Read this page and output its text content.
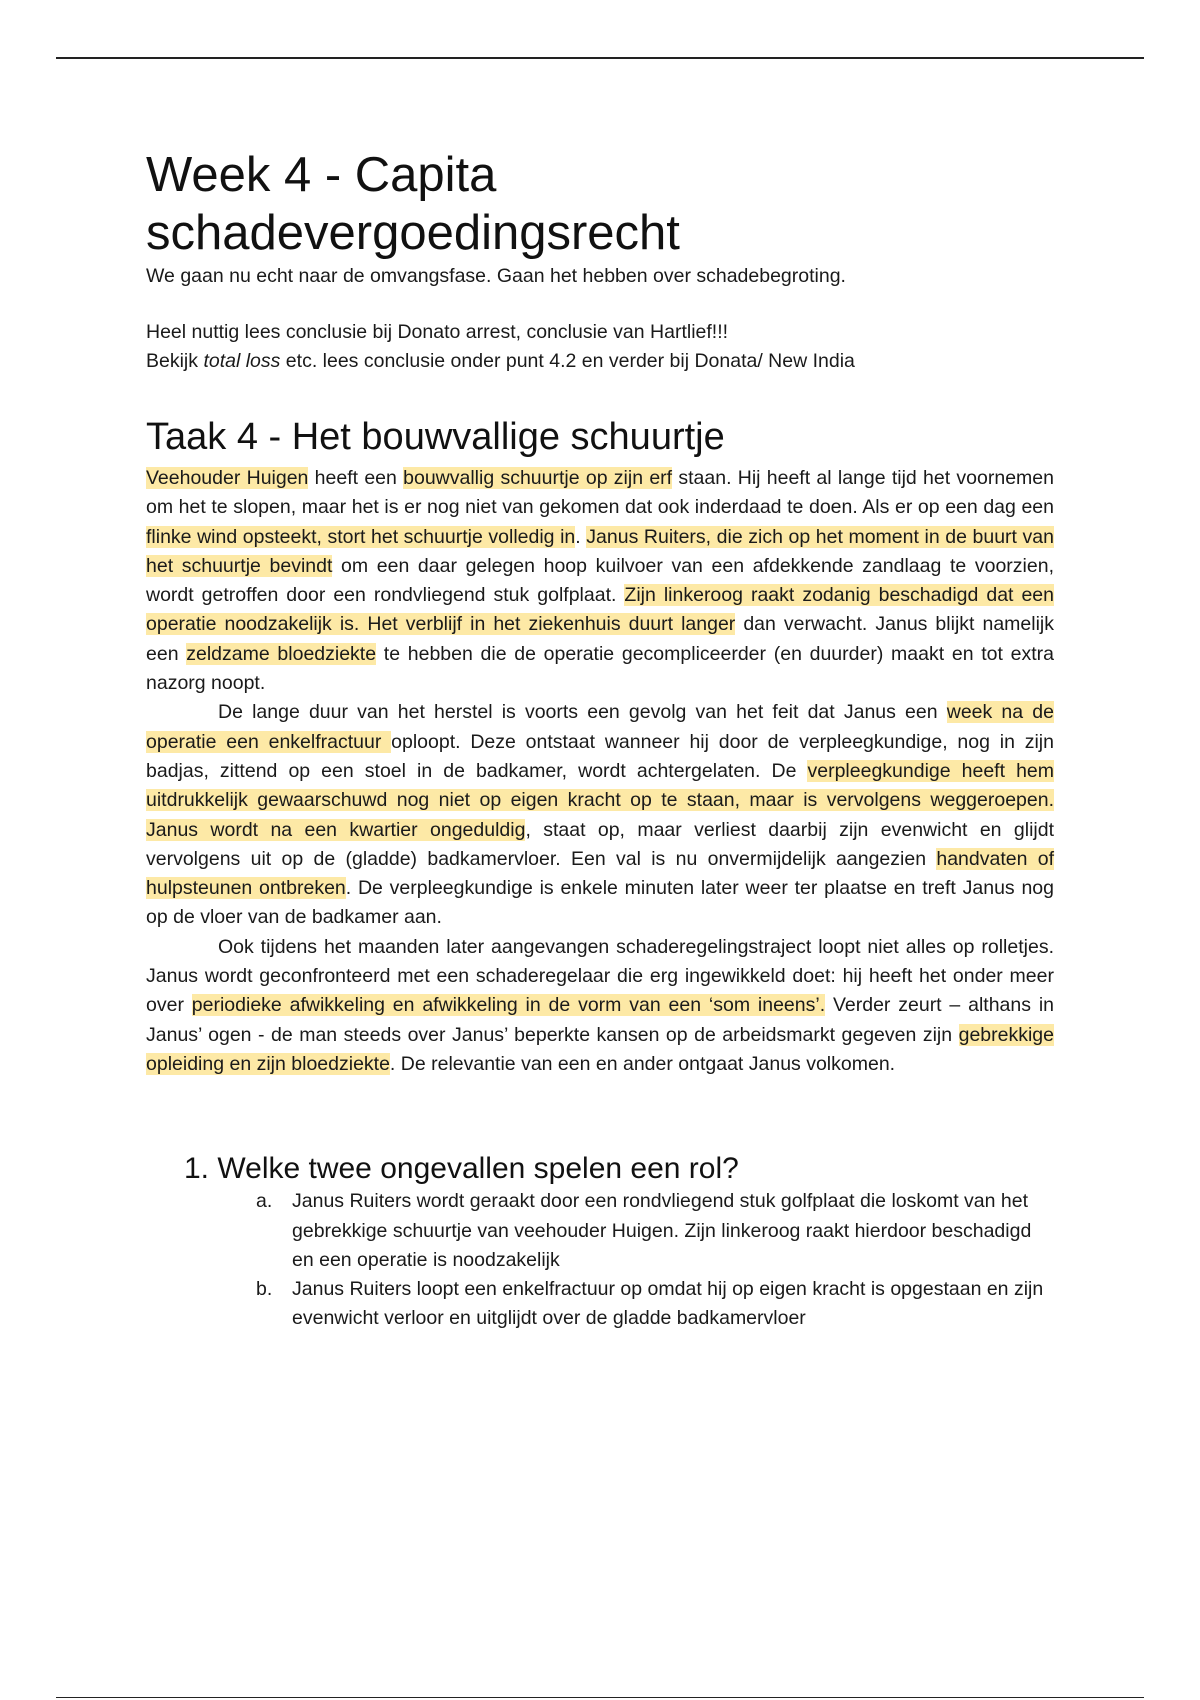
Week 4 - Capita
schadevergoedingsrecht

We gaan nu echt naar de omvangsfase. Gaan het hebben over schadebegroting.

Heel nuttig lees conclusie bij Donato arrest, conclusie van Hartlief!!!

Bekijk total loss etc. lees conclusie onder punt 4.2 en verder bij Donata/ New India

Taak 4 - Het bouwvallige schuurtje

Veehouder Huigen heeft een bouwvallig schuurtje op zijn erf staan. Hij heeft al lange tijd het voornemen om het te slopen, maar het is er nog niet van gekomen dat ook inderdaad te doen. Als er op een dag een flinke wind opsteekt, stort het schuurtje volledig in. Janus Ruiters, die zich op het moment in de buurt van het schuurtje bevindt om een daar gelegen hoop kuilvoer van een afdekkende zandlaag te voorzien, wordt getroffen door een rondvliegend stuk golfplaat. Zijn linkeroog raakt zodanig beschadigd dat een operatie noodzakelijk is. Het verblijf in het ziekenhuis duurt langer dan verwacht. Janus blijkt namelijk een zeldzame bloedziekte te hebben die de operatie gecompliceerder (en duurder) maakt en tot extra nazorg noopt.

De lange duur van het herstel is voorts een gevolg van het feit dat Janus een week na de operatie een enkelfractuur oploopt. Deze ontstaat wanneer hij door de verpleegkundige, nog in zijn badjas, zittend op een stoel in de badkamer, wordt achtergelaten. De verpleegkundige heeft hem uitdrukkelijk gewaarschuwd nog niet op eigen kracht op te staan, maar is vervolgens weggeroepen. Janus wordt na een kwartier ongeduldig, staat op, maar verliest daarbij zijn evenwicht en glijdt vervolgens uit op de (gladde) badkamervloer. Een val is nu onvermijdelijk aangezien handvaten of hulpsteunen ontbreken. De verpleegkundige is enkele minuten later weer ter plaatse en treft Janus nog op de vloer van de badkamer aan.

Ook tijdens het maanden later aangevangen schaderegelingstraject loopt niet alles op rolletjes. Janus wordt geconfronteerd met een schaderegelaar die erg ingewikkeld doet: hij heeft het onder meer over periodieke afwikkeling en afwikkeling in de vorm van een ‘som ineens’. Verder zeurt – althans in Janus’ ogen - de man steeds over Janus’ beperkte kansen op de arbeidsmarkt gegeven zijn gebrekkige opleiding en zijn bloedziekte. De relevantie van een en ander ontgaat Janus volkomen.

1. Welke twee ongevallen spelen een rol?
a. Janus Ruiters wordt geraakt door een rondvliegend stuk golfplaat die loskomt van het gebrekkige schuurtje van veehouder Huigen. Zijn linkeroog raakt hierdoor beschadigd en een operatie is noodzakelijk
b. Janus Ruiters loopt een enkelfractuur op omdat hij op eigen kracht is opgestaan en zijn evenwicht verloor en uitglijdt over de gladde badkamervloer
